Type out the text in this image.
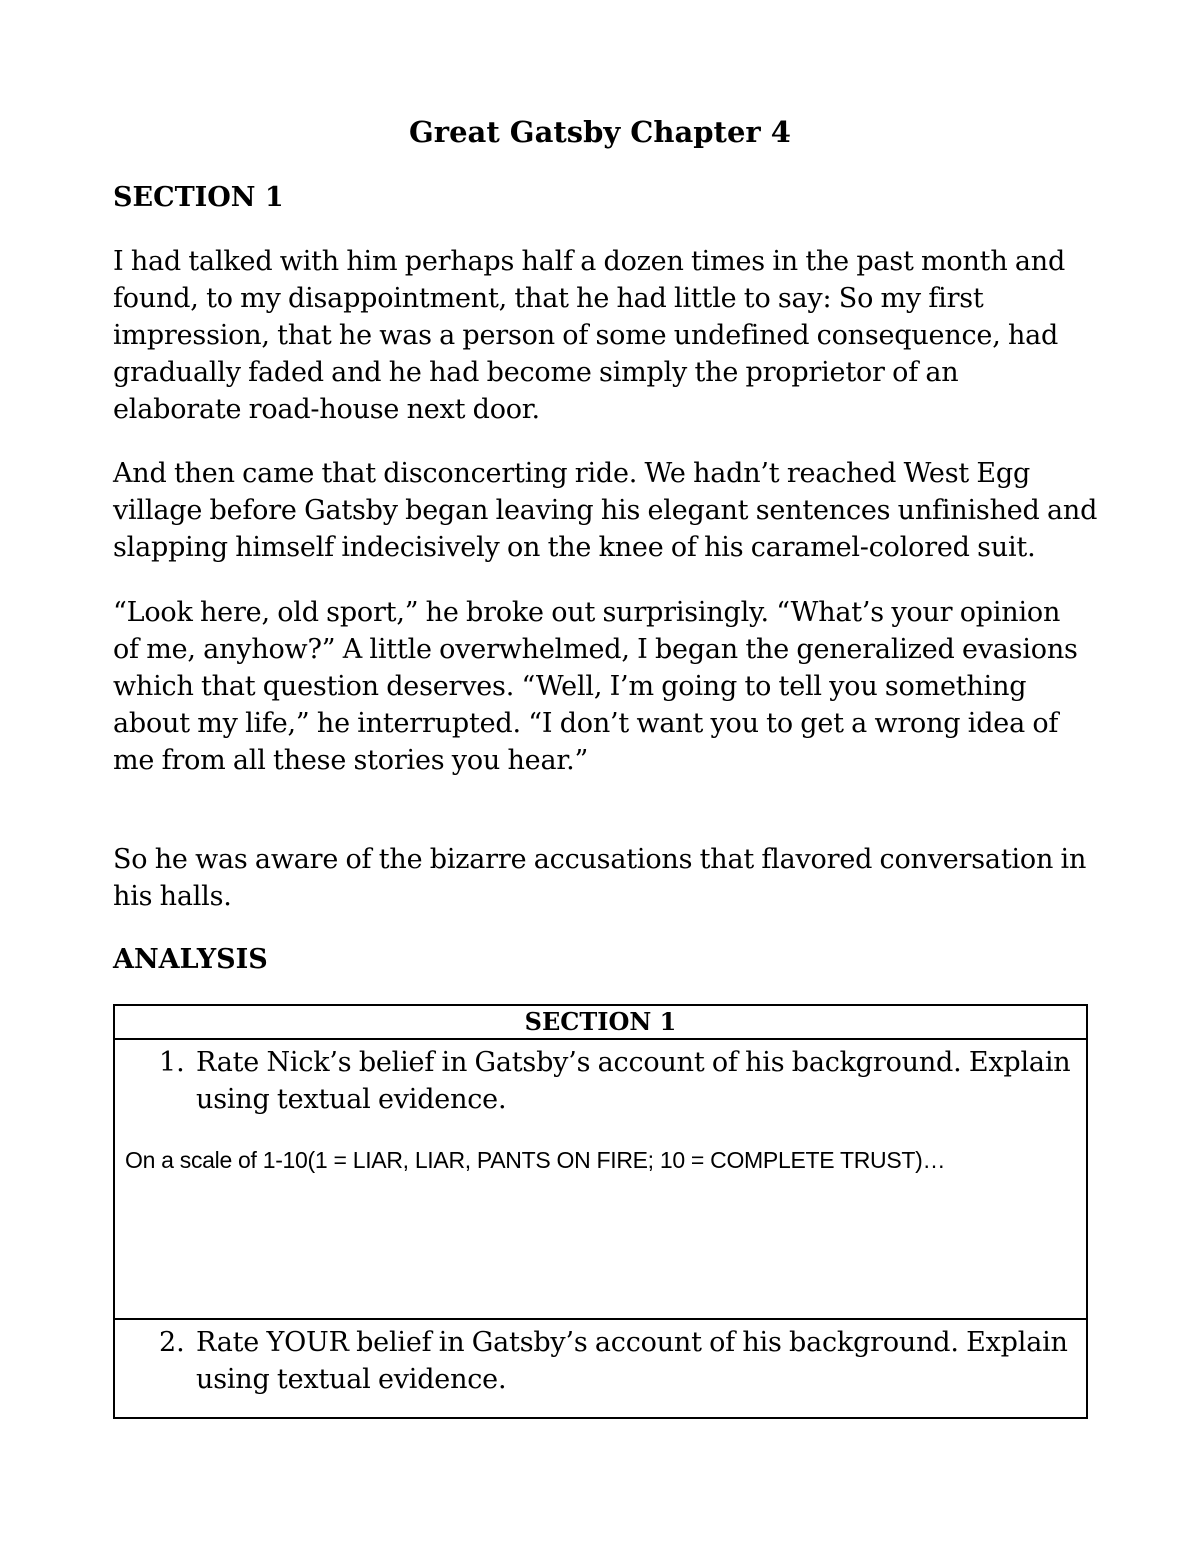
Great Gatsby Chapter 4
SECTION 1

I had talked with him perhaps half a dozen times in the past month and
found, to my disappointment, that he had little to say: So my first
impression, that he was a person of some undefined consequence, had
gradually faded and he had become simply the proprietor of an
elaborate road-house next door.

And then came that disconcerting ride. We hadn’t reached West Egg
village before Gatsby began leaving his elegant sentences unfinished and
slapping himself indecisively on the knee of his caramel-colored suit.

“Look here, old sport,” he broke out surprisingly. “What’s your opinion
of me, anyhow?” A little overwhelmed, I began the generalized evasions
which that question deserves. “Well, I’m going to tell you something
about my life,” he interrupted. “I don’t want you to get a wrong idea of
me from all these stories you hear.”

So he was aware of the bizarre accusations that flavored conversation in
his halls.

ANALYSIS
SECTION 1
1. Rate Nick’s belief in Gatsby’s account of his background. Explain
using textual evidence.
On a scale of 1-10(1 = LIAR, LIAR, PANTS ON FIRE; 10 = COMPLETE TRUST)…
2. Rate YOUR belief in Gatsby’s account of his background. Explain
using textual evidence.
